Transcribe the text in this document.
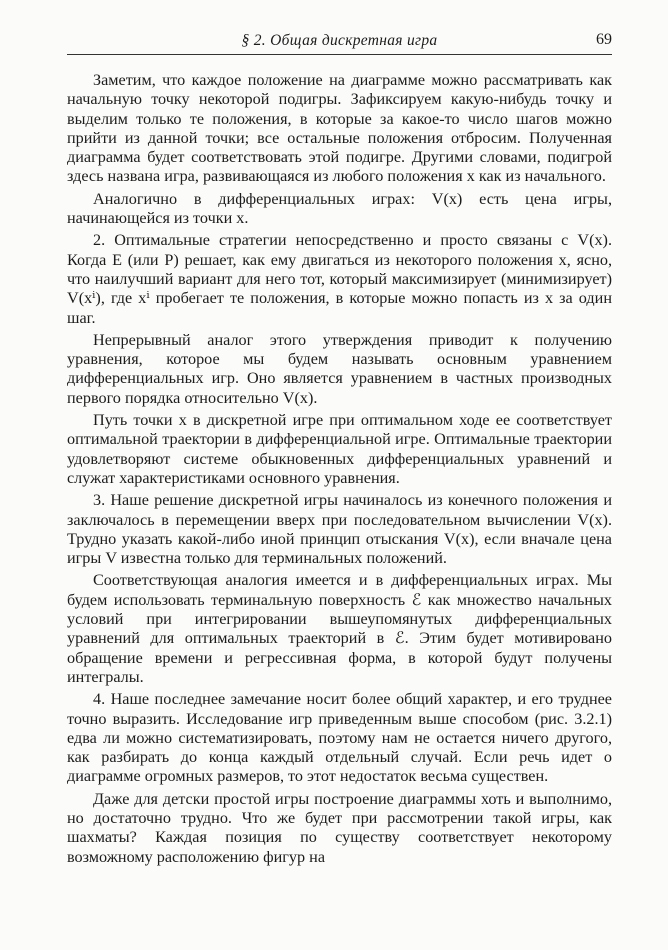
§ 2. Общая дискретная игра	69

Заметим, что каждое положение на диаграмме можно рассматривать как начальную точку некоторой подигры. Зафиксируем какую-нибудь точку и выделим только те положения, в которые за какое-то число шагов можно прийти из данной точки; все остальные положения отбросим. Полученная диаграмма будет соответствовать этой подигре. Другими словами, подигрой здесь названа игра, развивающаяся из любого положения x как из начального.

Аналогично в дифференциальных играх: V(x) есть цена игры, начинающейся из точки x.

2. Оптимальные стратегии непосредственно и просто связаны с V(x). Когда E (или P) решает, как ему двигаться из некоторого положения x, ясно, что наилучший вариант для него тот, который максимизирует (минимизирует) V(xⁱ), где xⁱ пробегает те положения, в которые можно попасть из x за один шаг.

Непрерывный аналог этого утверждения приводит к получению уравнения, которое мы будем называть основным уравнением дифференциальных игр. Оно является уравнением в частных производных первого порядка относительно V(x).

Путь точки x в дискретной игре при оптимальном ходе ее соответствует оптимальной траектории в дифференциальной игре. Оптимальные траектории удовлетворяют системе обыкновенных дифференциальных уравнений и служат характеристиками основного уравнения.

3. Наше решение дискретной игры начиналось из конечного положения и заключалось в перемещении вверх при последовательном вычислении V(x). Трудно указать какой-либо иной принцип отыскания V(x), если вначале цена игры V известна только для терминальных положений.

Соответствующая аналогия имеется и в дифференциальных играх. Мы будем использовать терминальную поверхность ℰ как множество начальных условий при интегрировании вышеупомянутых дифференциальных уравнений для оптимальных траекторий в ℰ. Этим будет мотивировано обращение времени и регрессивная форма, в которой будут получены интегралы.

4. Наше последнее замечание носит более общий характер, и его труднее точно выразить. Исследование игр приведенным выше способом (рис. 3.2.1) едва ли можно систематизировать, поэтому нам не остается ничего другого, как разбирать до конца каждый отдельный случай. Если речь идет о диаграмме огромных размеров, то этот недостаток весьма существен.

Даже для детски простой игры построение диаграммы хоть и выполнимо, но достаточно трудно. Что же будет при рассмотрении такой игры, как шахматы? Каждая позиция по существу соответствует некоторому возможному расположению фигур на
